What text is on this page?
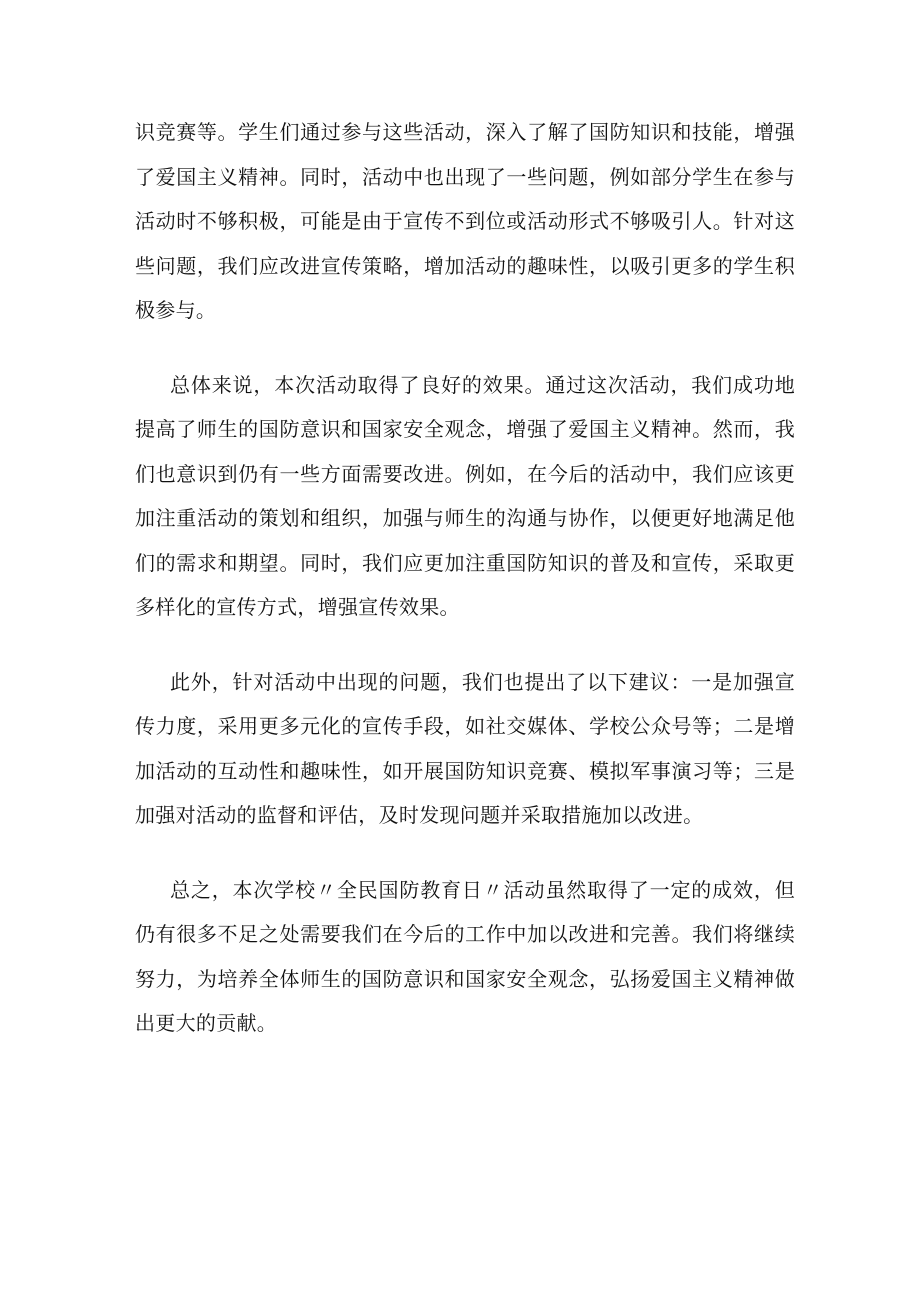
识竞赛等。学生们通过参与这些活动，深入了解了国防知识和技能，增强了爱国主义精神。同时，活动中也出现了一些问题，例如部分学生在参与活动时不够积极，可能是由于宣传不到位或活动形式不够吸引人。针对这些问题，我们应改进宣传策略，增加活动的趣味性，以吸引更多的学生积极参与。

总体来说，本次活动取得了良好的效果。通过这次活动，我们成功地提高了师生的国防意识和国家安全观念，增强了爱国主义精神。然而，我们也意识到仍有一些方面需要改进。例如，在今后的活动中，我们应该更加注重活动的策划和组织，加强与师生的沟通与协作，以便更好地满足他们的需求和期望。同时，我们应更加注重国防知识的普及和宣传，采取更多样化的宣传方式，增强宣传效果。

此外，针对活动中出现的问题，我们也提出了以下建议：一是加强宣传力度，采用更多元化的宣传手段，如社交媒体、学校公众号等；二是增加活动的互动性和趣味性，如开展国防知识竞赛、模拟军事演习等；三是加强对活动的监督和评估，及时发现问题并采取措施加以改进。

总之，本次学校〃全民国防教育日〃活动虽然取得了一定的成效，但仍有很多不足之处需要我们在今后的工作中加以改进和完善。我们将继续努力，为培养全体师生的国防意识和国家安全观念，弘扬爱国主义精神做出更大的贡献。
